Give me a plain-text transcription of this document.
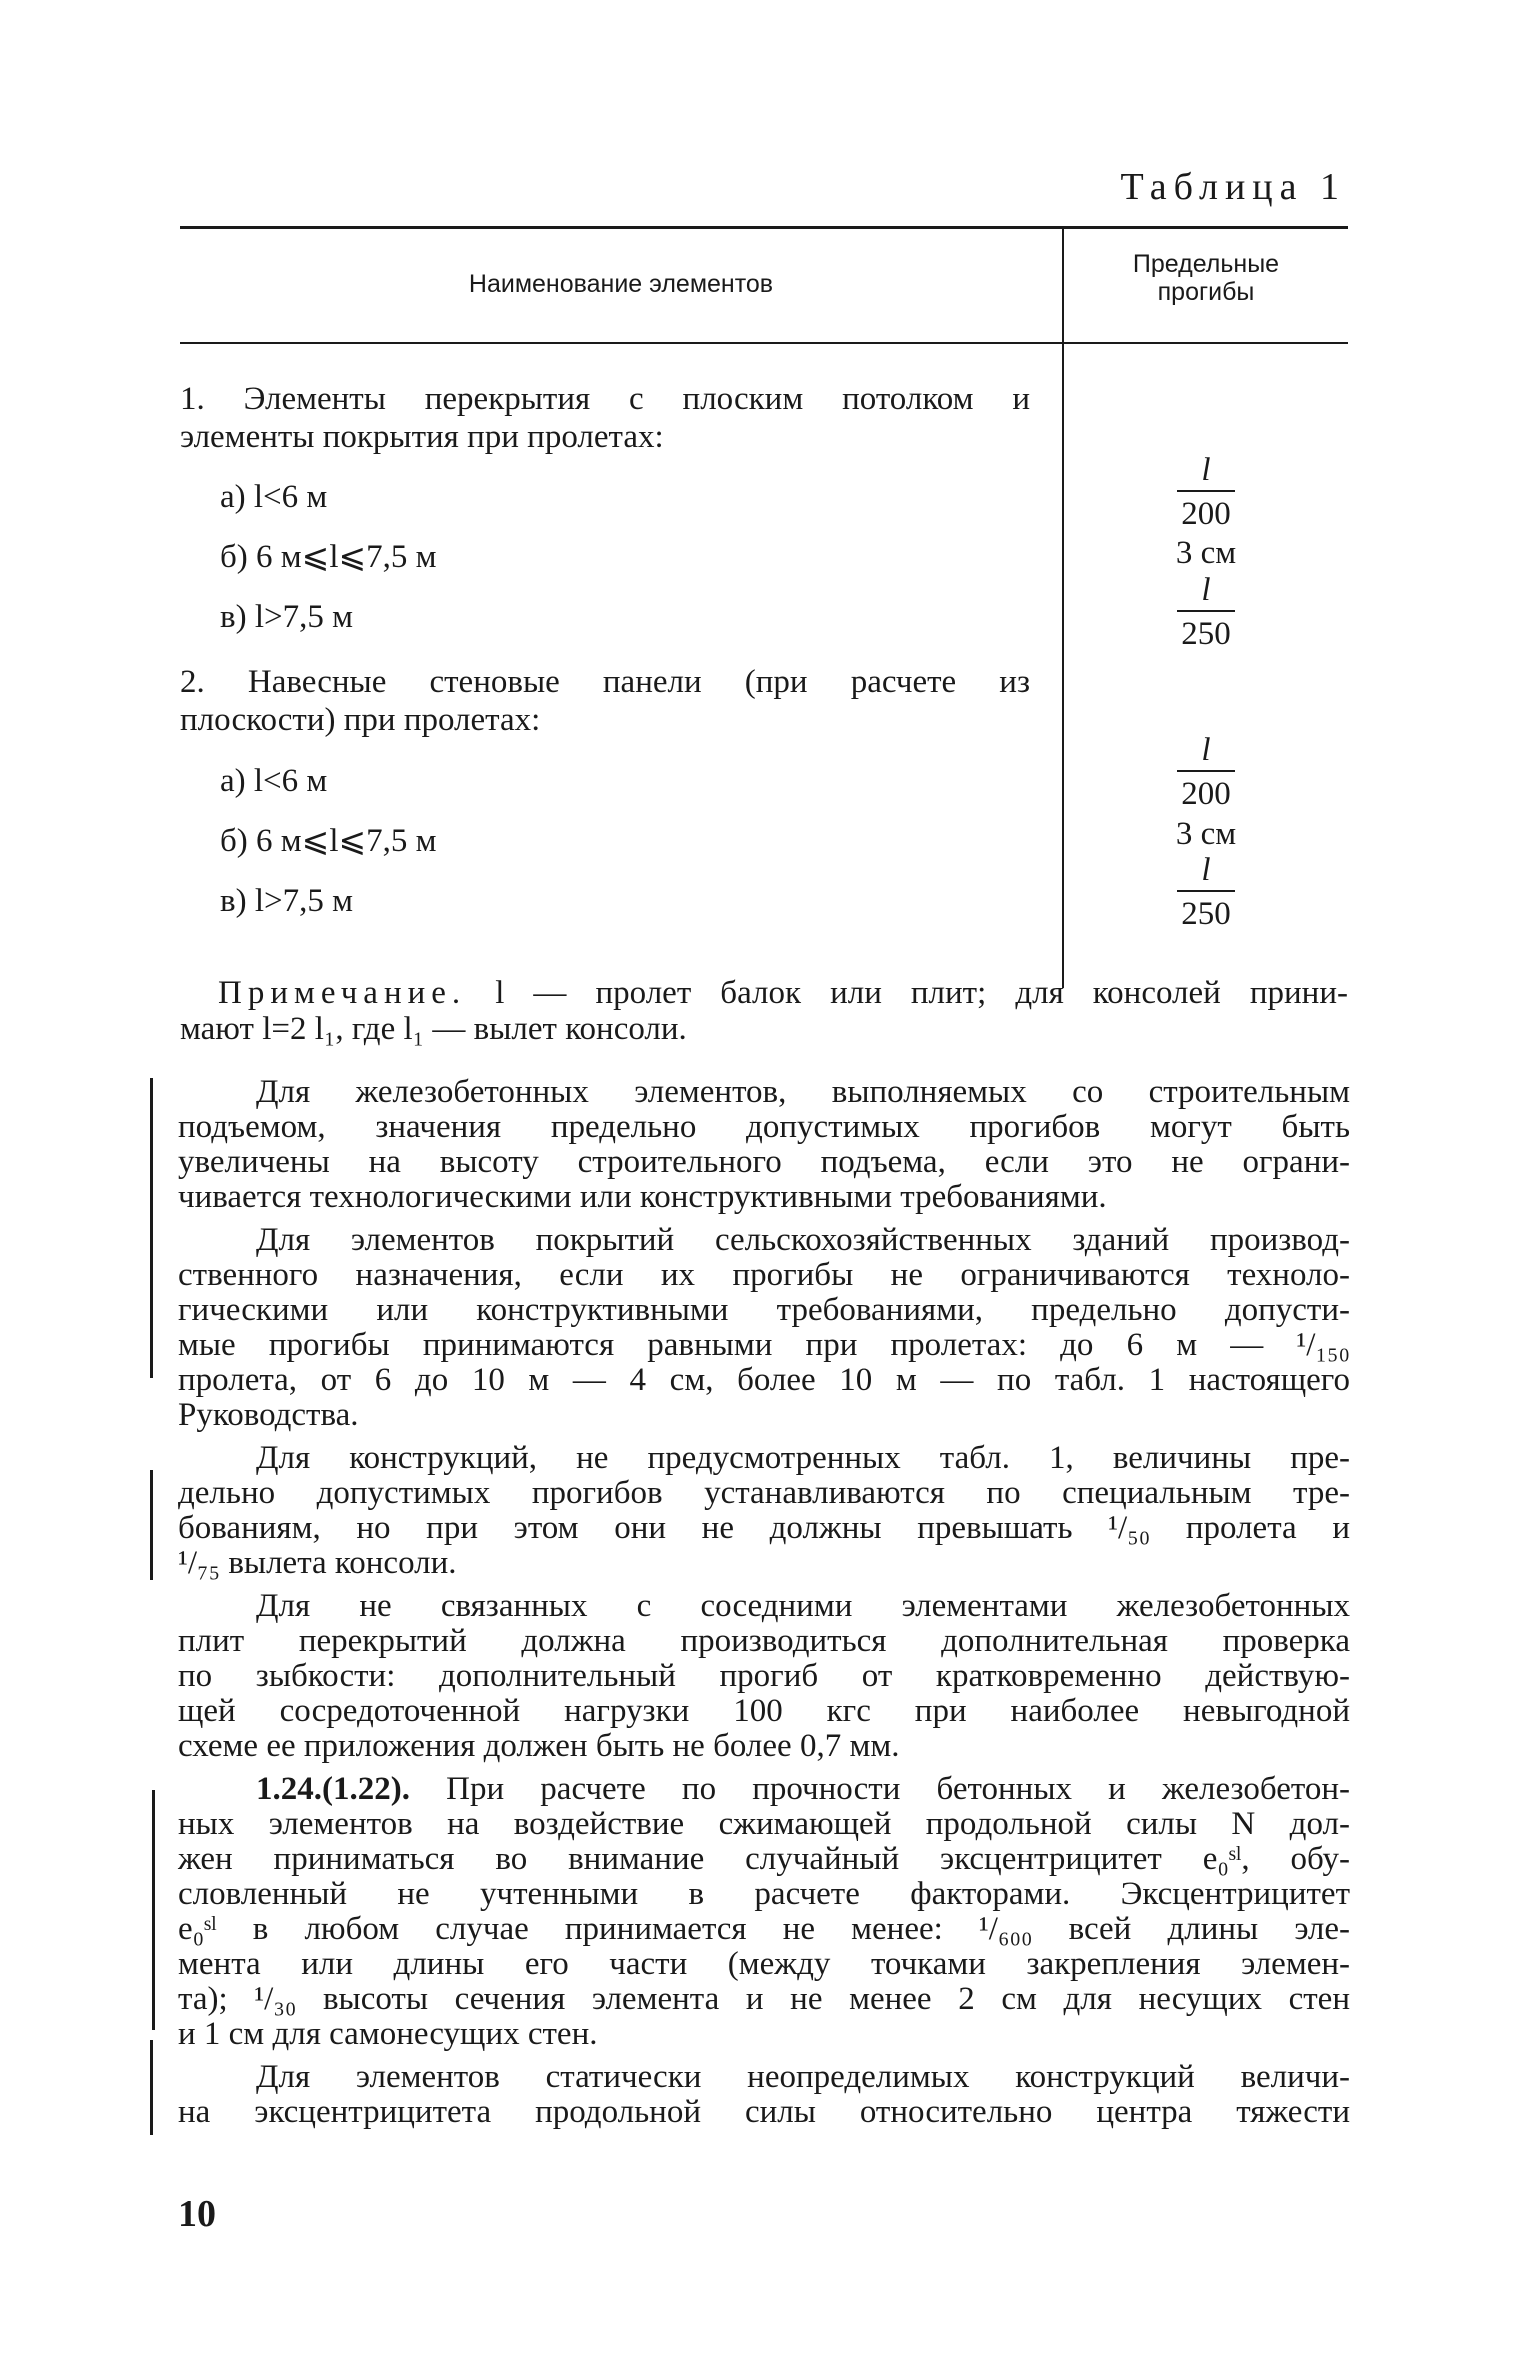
Таблица 1
Наименование элементов
Предельные
прогибы
1. Элементы перекрытия с плоским потолком и
элементы покрытия при пролетах:
а) l<6 м
б) 6 м⩽l⩽7,5 м
в) l>7,5 м
l
200
3 см
l
250
2. Навесные стеновые панели (при расчете из
плоскости) при пролетах:
а) l<6 м
б) 6 м⩽l⩽7,5 м
в) l>7,5 м
l
200
3 см
l
250
Примечание. l — пролет балок или плит; для консолей прини-
мают l=2 l₁, где l₁ — вылет консоли.
Для железобетонных элементов, выполняемых со строительным
подъемом, значения предельно допустимых прогибов могут быть
увеличены на высоту строительного подъема, если это не ограни-
чивается технологическими или конструктивными требованиями.
Для элементов покрытий сельскохозяйственных зданий производ-
ственного назначения, если их прогибы не ограничиваются техноло-
гическими или конструктивными требованиями, предельно допусти-
мые прогибы принимаются равными при пролетах: до 6 м — ¹/₁₅₀
пролета, от 6 до 10 м — 4 см, более 10 м — по табл. 1 настоящего
Руководства.
Для конструкций, не предусмотренных табл. 1, величины пре-
дельно допустимых прогибов устанавливаются по специальным тре-
бованиям, но при этом они не должны превышать ¹/₅₀ пролета и
¹/₇₅ вылета консоли.
Для не связанных с соседними элементами железобетонных
плит перекрытий должна производиться дополнительная проверка
по зыбкости: дополнительный прогиб от кратковременно действую-
щей сосредоточенной нагрузки 100 кгс при наиболее невыгодной
схеме ее приложения должен быть не более 0,7 мм.
1.24.(1.22). При расчете по прочности бетонных и железобетон-
ных элементов на воздействие сжимающей продольной силы N дол-
жен приниматься во внимание случайный эксцентрицитет e₀ˢˡ, обу-
словленный не учтенными в расчете факторами. Эксцентрицитет
e₀ˢˡ в любом случае принимается не менее: ¹/₆₀₀ всей длины эле-
мента или длины его части (между точками закрепления элемен-
та); ¹/₃₀ высоты сечения элемента и не менее 2 см для несущих стен
и 1 см для самонесущих стен.
Для элементов статически неопределимых конструкций величи-
на эксцентрицитета продольной силы относительно центра тяжести
10
